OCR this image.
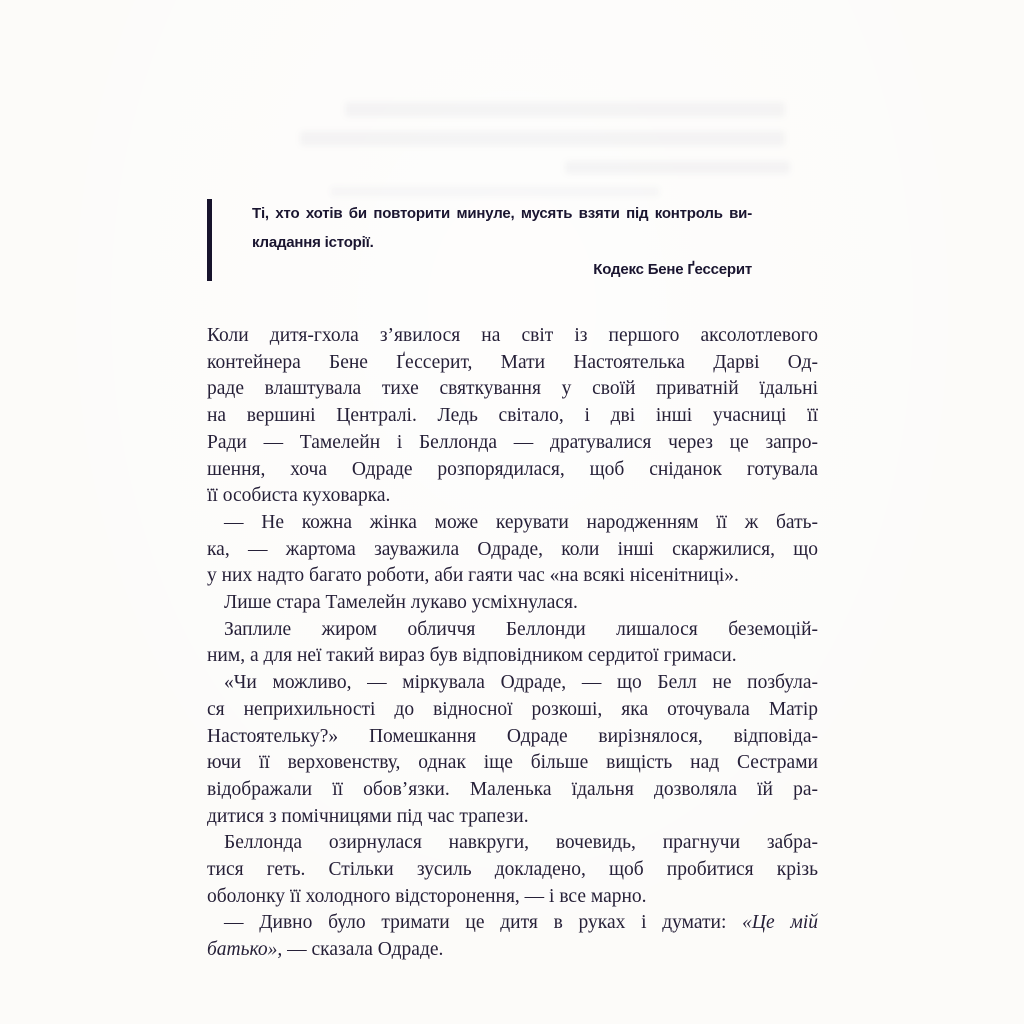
Ті, хто хотів би повторити минуле, мусять взяти під контроль ви-
кладання історії.
Кодекс Бене Ґессерит
Коли дитя-гхола з’явилося на світ із першого аксолотлевого
контейнера Бене Ґессерит, Мати Настоятелька Дарві Од-
раде влаштувала тихе святкування у своїй приватній їдальні
на вершині Централі. Ледь світало, і дві інші учасниці її
Ради — Тамелейн і Беллонда — дратувалися через це запро-
шення, хоча Одраде розпорядилася, щоб сніданок готувала
її особиста куховарка.
— Не кожна жінка може керувати народженням її ж бать-
ка, — жартома зауважила Одраде, коли інші скаржилися, що
у них надто багато роботи, аби гаяти час «на всякі нісенітниці».
Лише стара Тамелейн лукаво усміхнулася.
Заплиле жиром обличчя Беллонди лишалося беземоцій-
ним, а для неї такий вираз був відповідником сердитої гримаси.
«Чи можливо, — міркувала Одраде, — що Белл не позбула-
ся неприхильності до відносної розкоші, яка оточувала Матір
Настоятельку?» Помешкання Одраде вирізнялося, відповіда-
ючи її верховенству, однак іще більше вищість над Сестрами
відображали її обов’язки. Маленька їдальня дозволяла їй ра-
дитися з помічницями під час трапези.
Беллонда озирнулася навкруги, вочевидь, прагнучи забра-
тися геть. Стільки зусиль докладено, щоб пробитися крізь
оболонку її холодного відсторонення, — і все марно.
— Дивно було тримати це дитя в руках і думати: «Це мій
батько», — сказала Одраде.
